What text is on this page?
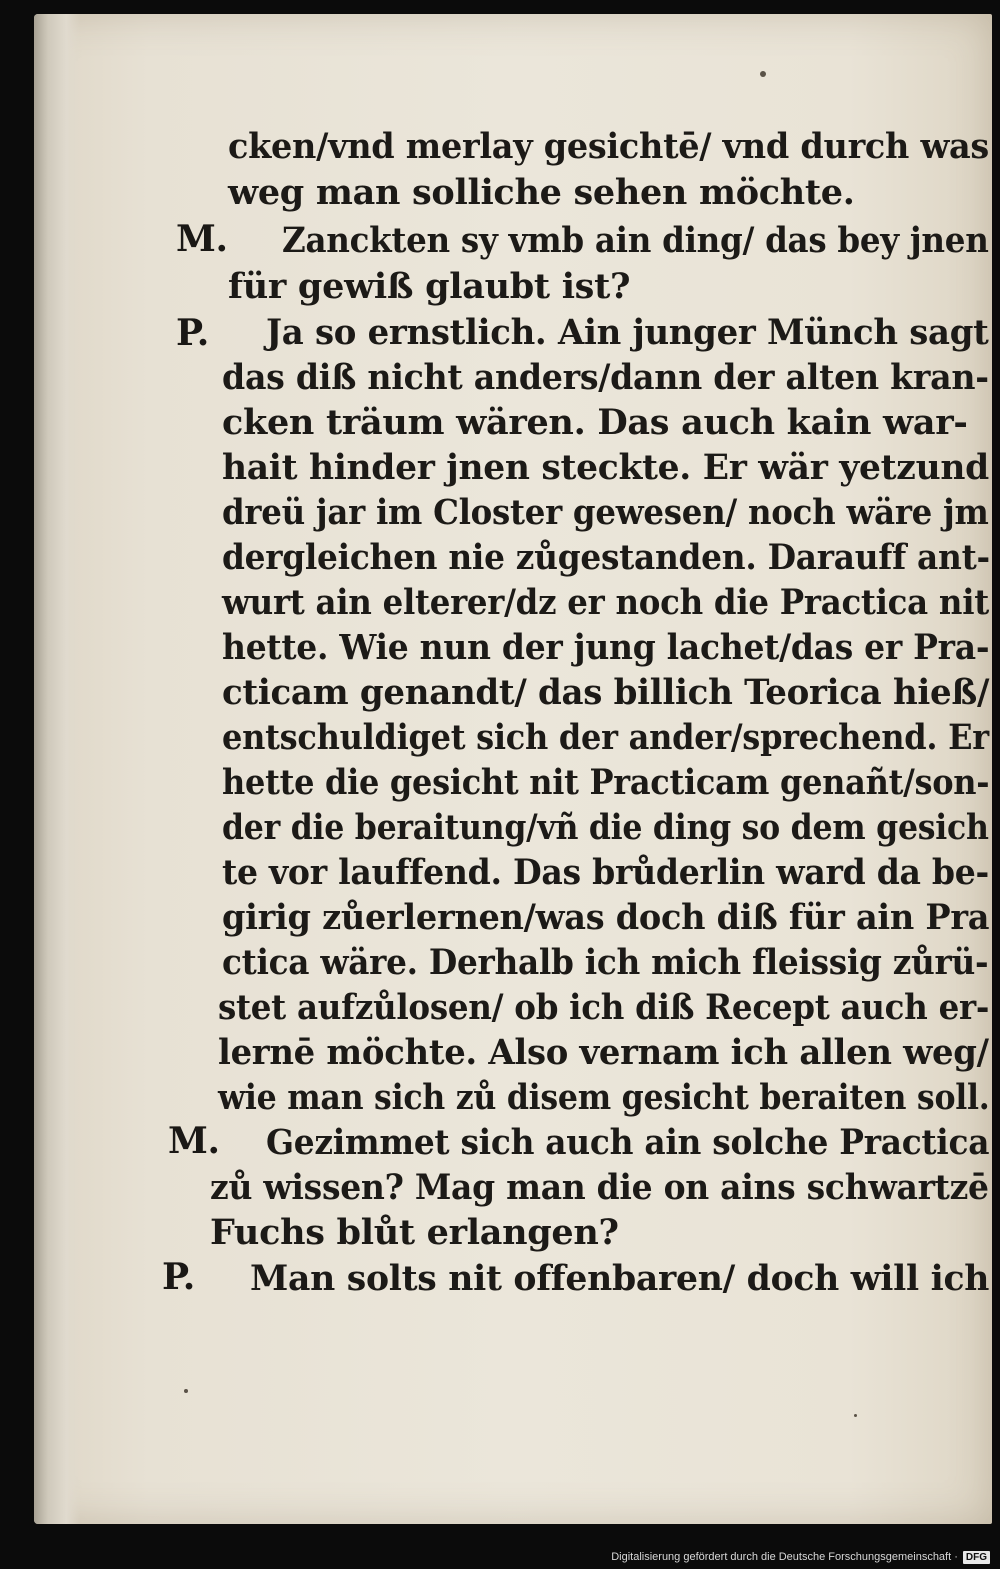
cken/vnd merlay gesichtē/ vnd durch was
weg man solliche sehen möchte.
M. Zanckten sy vmb ain ding/ das bey jnen
für gewiß glaubt ist?
P. Ja so ernstlich. Ain junger Münch sagt
das diß nicht anders/dann der alten kran-
cken träum wären. Das auch kain war-
hait hinder jnen steckte. Er wär yetzund
dreü jar im Closter gewesen/ noch wäre jm
dergleichen nie zůgestanden. Darauff ant-
wurt ain elterer/dz er noch die Practica nit
hette. Wie nun der jung lachet/das er Pra-
cticam genandt/ das billich Teorica hieß/
entschuldiget sich der ander/sprechend. Er
hette die gesicht nit Practicam genañt/son-
der die beraitung/vñ die ding so dem gesich
te vor lauffend. Das brůderlin ward da be-
girig zůerlernen/was doch diß für ain Pra
ctica wäre. Derhalb ich mich fleissig zůrü-
stet aufzůlosen/ ob ich diß Recept auch er-
lernē möchte. Also vernam ich allen weg/
wie man sich zů disem gesicht beraiten soll.
M. Gezimmet sich auch ain solche Practica
zů wissen? Mag man die on ains schwartzē
Fuchs blůt erlangen?
P. Man solts nit offenbaren/ doch will ich
Digitalisierung gefördert durch die Deutsche Forschungsgemeinschaft · DFG
